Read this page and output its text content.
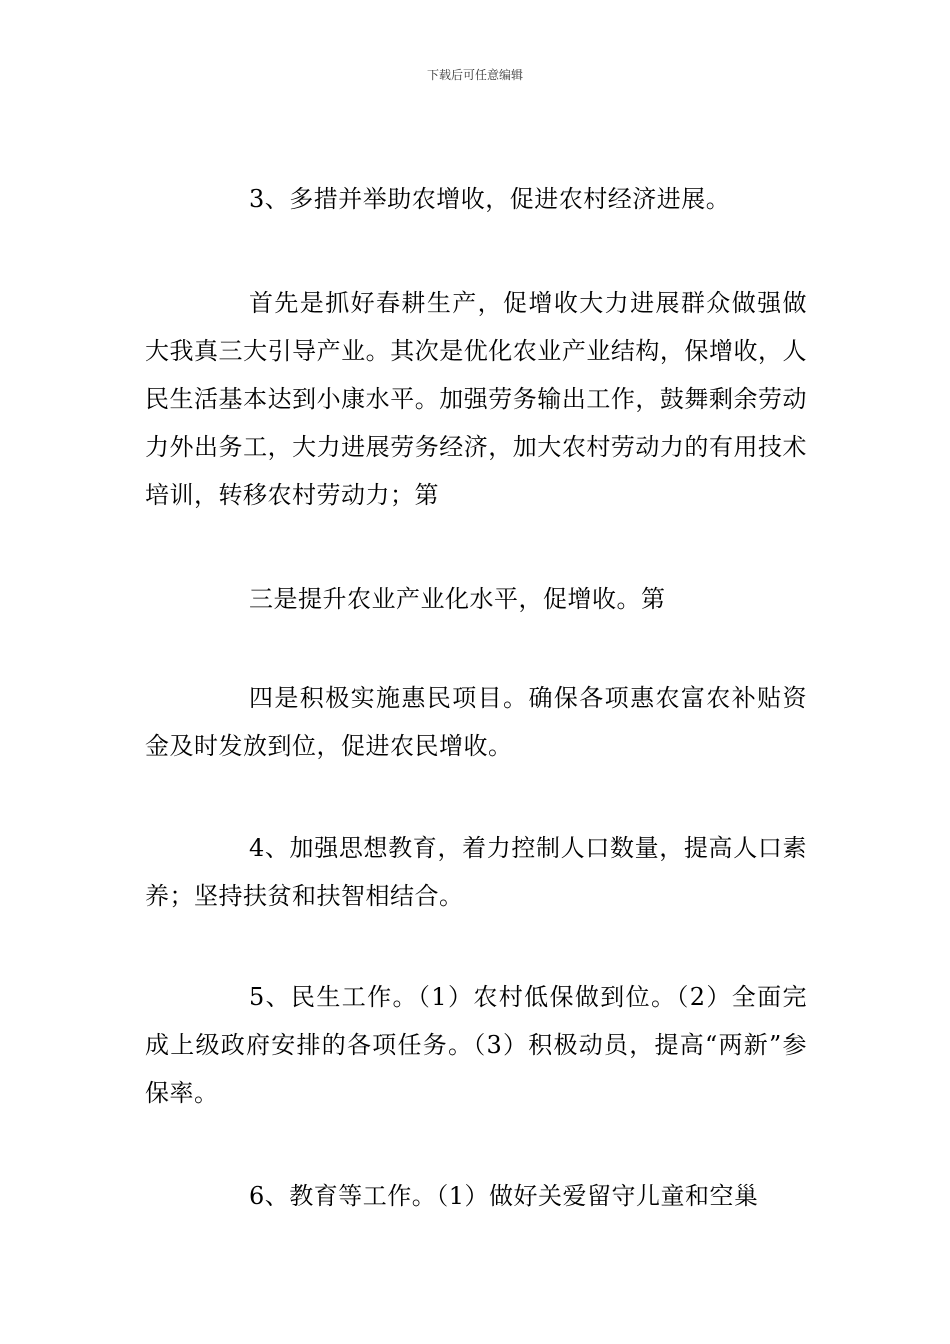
下载后可任意编辑

3、多措并举助农增收，促进农村经济进展。

首先是抓好春耕生产，促增收大力进展群众做强做大我真三大引导产业。其次是优化农业产业结构，保增收，人民生活基本达到小康水平。加强劳务输出工作，鼓舞剩余劳动力外出务工，大力进展劳务经济，加大农村劳动力的有用技术培训，转移农村劳动力；第

三是提升农业产业化水平，促增收。第

四是积极实施惠民项目。确保各项惠农富农补贴资金及时发放到位，促进农民增收。

4、加强思想教育，着力控制人口数量，提高人口素养；坚持扶贫和扶智相结合。

5、民生工作。（1）农村低保做到位。（2）全面完成上级政府安排的各项任务。（3）积极动员，提高“两新”参保率。

6、教育等工作。（1）做好关爱留守儿童和空巢
